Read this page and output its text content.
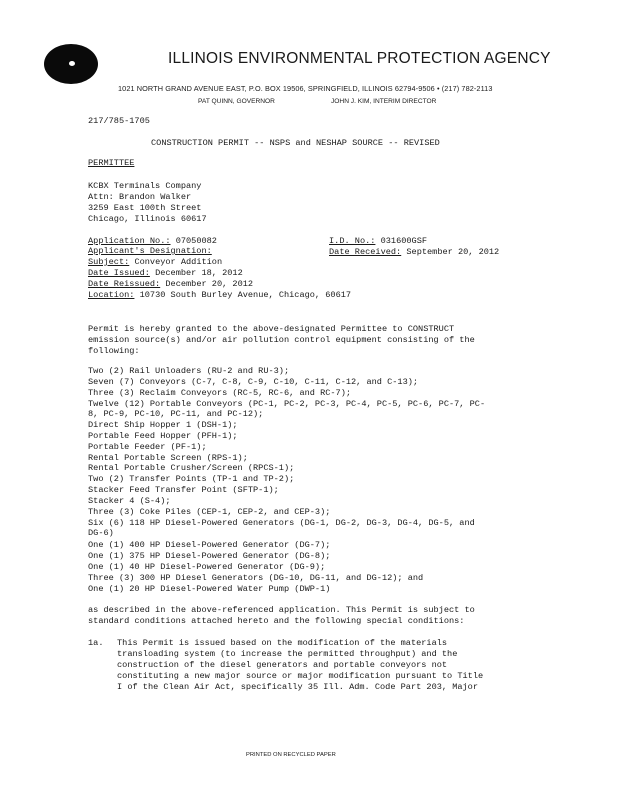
ILLINOIS ENVIRONMENTAL PROTECTION AGENCY
1021 NORTH GRAND AVENUE EAST, P.O. BOX 19506, SPRINGFIELD, ILLINOIS 62794-9506 • (217) 782-2113
PAT QUINN, GOVERNOR	JOHN J. KIM, INTERIM DIRECTOR
217/785-1705
CONSTRUCTION PERMIT -- NSPS and NESHAP SOURCE -- REVISED
PERMITTEE
KCBX Terminals Company
Attn: Brandon Walker
3259 East 100th Street
Chicago, Illinois 60617
Application No.: 07050082	I.D. No.: 031600GSF
Applicant's Designation:	Date Received: September 20, 2012
Subject: Conveyor Addition
Date Issued: December 18, 2012
Date Reissued: December 20, 2012
Location: 10730 South Burley Avenue, Chicago, 60617
Permit is hereby granted to the above-designated Permittee to CONSTRUCT
emission source(s) and/or air pollution control equipment consisting of the
following:
Two (2) Rail Unloaders (RU-2 and RU-3);
Seven (7) Conveyors (C-7, C-8, C-9, C-10, C-11, C-12, and C-13);
Three (3) Reclaim Conveyors (RC-5, RC-6, and RC-7);
Twelve (12) Portable Conveyors (PC-1, PC-2, PC-3, PC-4, PC-5, PC-6, PC-7, PC-
8, PC-9, PC-10, PC-11, and PC-12);
Direct Ship Hopper 1 (DSH-1);
Portable Feed Hopper (PFH-1);
Portable Feeder (PF-1);
Rental Portable Screen (RPS-1);
Rental Portable Crusher/Screen (RPCS-1);
Two (2) Transfer Points (TP-1 and TP-2);
Stacker Feed Transfer Point (SFTP-1);
Stacker 4 (S-4);
Three (3) Coke Piles (CEP-1, CEP-2, and CEP-3);
Six (6) 118 HP Diesel-Powered Generators (DG-1, DG-2, DG-3, DG-4, DG-5, and
DG-6)
One (1) 400 HP Diesel-Powered Generator (DG-7);
One (1) 375 HP Diesel-Powered Generator (DG-8);
One (1) 40 HP Diesel-Powered Generator (DG-9);
Three (3) 300 HP Diesel Generators (DG-10, DG-11, and DG-12); and
One (1) 20 HP Diesel-Powered Water Pump (DWP-1)
as described in the above-referenced application. This Permit is subject to
standard conditions attached hereto and the following special conditions:
1a. This Permit is issued based on the modification of the materials
transloading system (to increase the permitted throughput) and the
construction of the diesel generators and portable conveyors not
constituting a new major source or major modification pursuant to Title
I of the Clean Air Act, specifically 35 Ill. Adm. Code Part 203, Major
PRINTED ON RECYCLED PAPER
